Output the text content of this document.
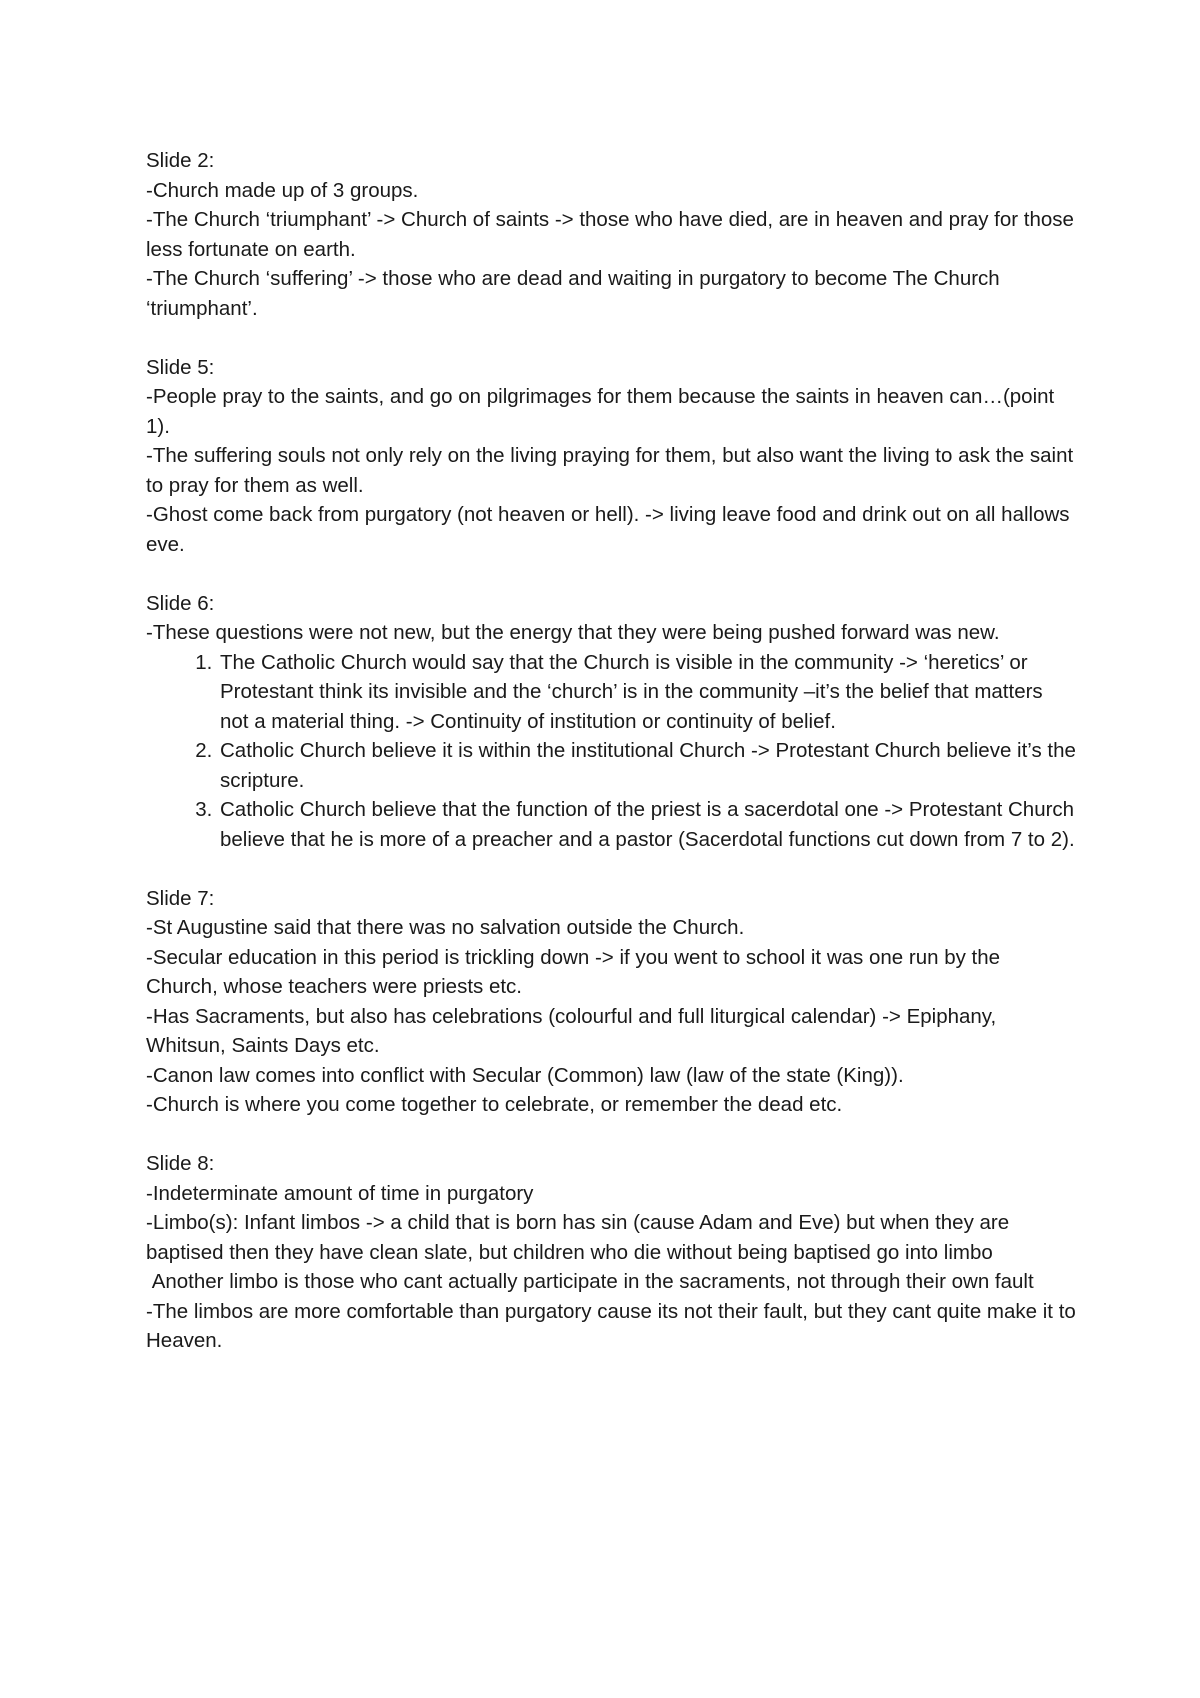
Slide 2:

-Church made up of 3 groups.

-The Church ‘triumphant’ -> Church of saints -> those who have died, are in heaven and pray for those less fortunate on earth.

-The Church ‘suffering’ -> those who are dead and waiting in purgatory to become The Church ‘triumphant’.

Slide 5:

-People pray to the saints, and go on pilgrimages for them because the saints in heaven can…(point 1).

-The suffering souls not only rely on the living praying for them, but also want the living to ask the saint to pray for them as well.

-Ghost come back from purgatory (not heaven or hell). -> living leave food and drink out on all hallows eve.

Slide 6:

-These questions were not new, but the energy that they were being pushed forward was new.

1. The Catholic Church would say that the Church is visible in the community -> ‘heretics’ or Protestant think its invisible and the ‘church’ is in the community –it’s the belief that matters not a material thing. -> Continuity of institution or continuity of belief.
2. Catholic Church believe it is within the institutional Church -> Protestant Church believe it’s the scripture.
3. Catholic Church believe that the function of the priest is a sacerdotal one -> Protestant Church believe that he is more of a preacher and a pastor (Sacerdotal functions cut down from 7 to 2).

Slide 7:

-St Augustine said that there was no salvation outside the Church.

-Secular education in this period is trickling down -> if you went to school it was one run by the Church, whose teachers were priests etc.

-Has Sacraments, but also has celebrations (colourful and full liturgical calendar) -> Epiphany, Whitsun, Saints Days etc.

-Canon law comes into conflict with Secular (Common) law (law of the state (King)).

-Church is where you come together to celebrate, or remember the dead etc.

Slide 8:

-Indeterminate amount of time in purgatory

-Limbo(s): Infant limbos -> a child that is born has sin (cause Adam and Eve) but when they are baptised then they have clean slate, but children who die without being baptised go into limbo

Another limbo is those who cant actually participate in the sacraments, not through their own fault

-The limbos are more comfortable than purgatory cause its not their fault, but they cant quite make it to Heaven.
